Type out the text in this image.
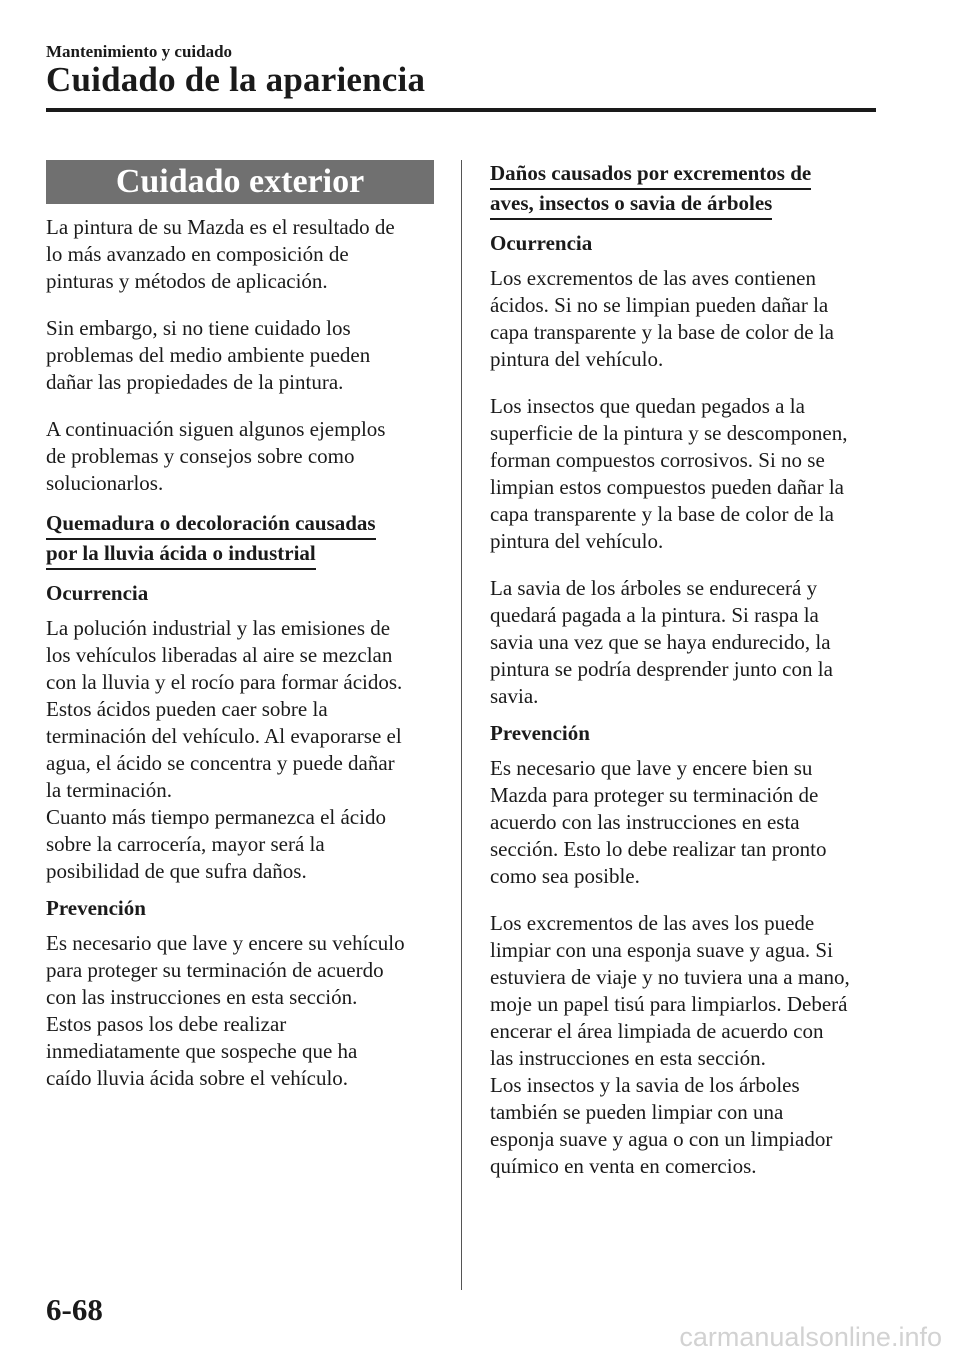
Mantenimiento y cuidado
Cuidado de la apariencia
Cuidado exterior

La pintura de su Mazda es el resultado de

lo más avanzado en composición de

pinturas y métodos de aplicación.

Sin embargo, si no tiene cuidado los

problemas del medio ambiente pueden

dañar las propiedades de la pintura.

A continuación siguen algunos ejemplos

de problemas y consejos sobre como

solucionarlos.

Quemadura o decoloración causadas
por la lluvia ácida o industrial
Ocurrencia

La polución industrial y las emisiones de

los vehículos liberadas al aire se mezclan

con la lluvia y el rocío para formar ácidos.

Estos ácidos pueden caer sobre la

terminación del vehículo. Al evaporarse el

agua, el ácido se concentra y puede dañar

la terminación.

Cuanto más tiempo permanezca el ácido

sobre la carrocería, mayor será la

posibilidad de que sufra daños.

Prevención

Es necesario que lave y encere su vehículo

para proteger su terminación de acuerdo

con las instrucciones en esta sección.

Estos pasos los debe realizar

inmediatamente que sospeche que ha

caído lluvia ácida sobre el vehículo.

Daños causados por excrementos de
aves, insectos o savia de árboles
Ocurrencia

Los excrementos de las aves contienen

ácidos. Si no se limpian pueden dañar la

capa transparente y la base de color de la

pintura del vehículo.

Los insectos que quedan pegados a la

superficie de la pintura y se descomponen,

forman compuestos corrosivos. Si no se

limpian estos compuestos pueden dañar la

capa transparente y la base de color de la

pintura del vehículo.

La savia de los árboles se endurecerá y

quedará pagada a la pintura. Si raspa la

savia una vez que se haya endurecido, la

pintura se podría desprender junto con la

savia.

Prevención

Es necesario que lave y encere bien su

Mazda para proteger su terminación de

acuerdo con las instrucciones en esta

sección. Esto lo debe realizar tan pronto

como sea posible.

Los excrementos de las aves los puede

limpiar con una esponja suave y agua. Si

estuviera de viaje y no tuviera una a mano,

moje un papel tisú para limpiarlos. Deberá

encerar el área limpiada de acuerdo con

las instrucciones en esta sección.

Los insectos y la savia de los árboles

también se pueden limpiar con una

esponja suave y agua o con un limpiador

químico en venta en comercios.

6-68
carmanualsonline.info
